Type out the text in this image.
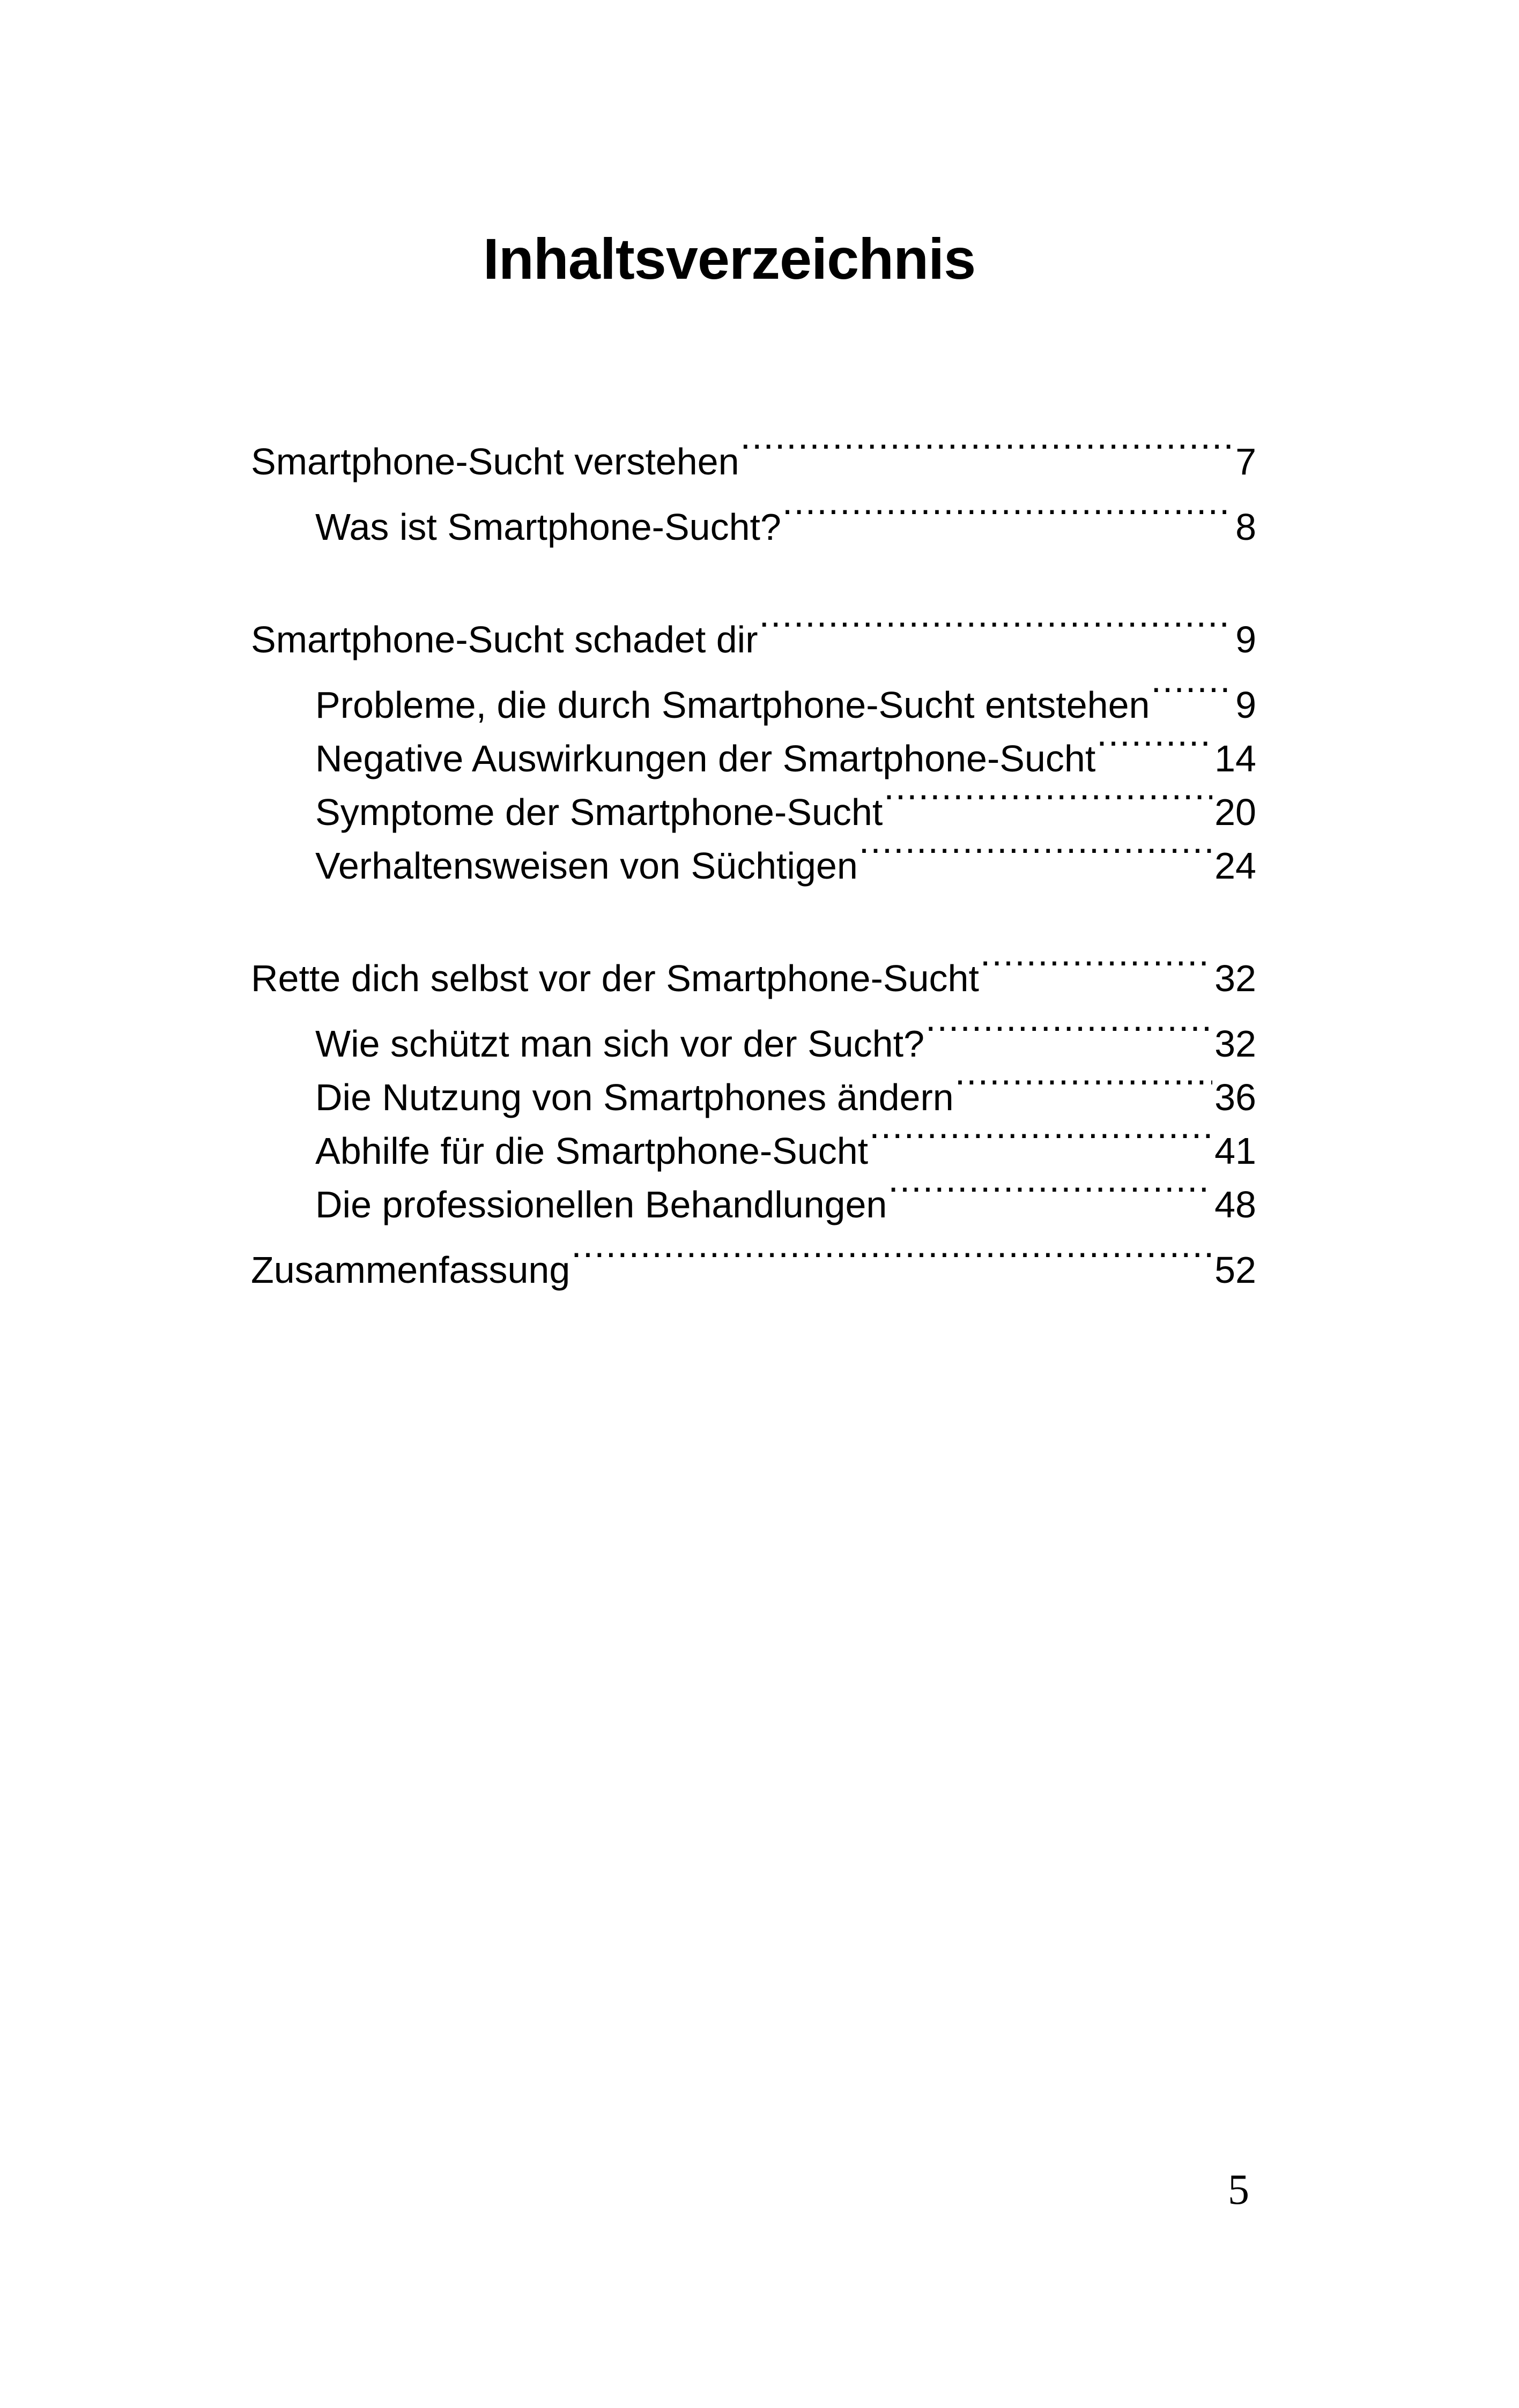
Inhaltsverzeichnis
Smartphone-Sucht verstehen .....	7
Was ist Smartphone-Sucht? .....	8
Smartphone-Sucht schadet dir .....	9
Probleme, die durch Smartphone-Sucht entstehen ..... 9
Negative Auswirkungen der Smartphone-Sucht .....	14
Symptome der Smartphone-Sucht .....	20
Verhaltensweisen von Süchtigen .....	24
Rette dich selbst vor der Smartphone-Sucht .....	32
Wie schützt man sich vor der Sucht? .....	32
Die Nutzung von Smartphones ändern .....	36
Abhilfe für die Smartphone-Sucht .....	41
Die professionellen Behandlungen .....	48
Zusammenfassung .....	52
5
